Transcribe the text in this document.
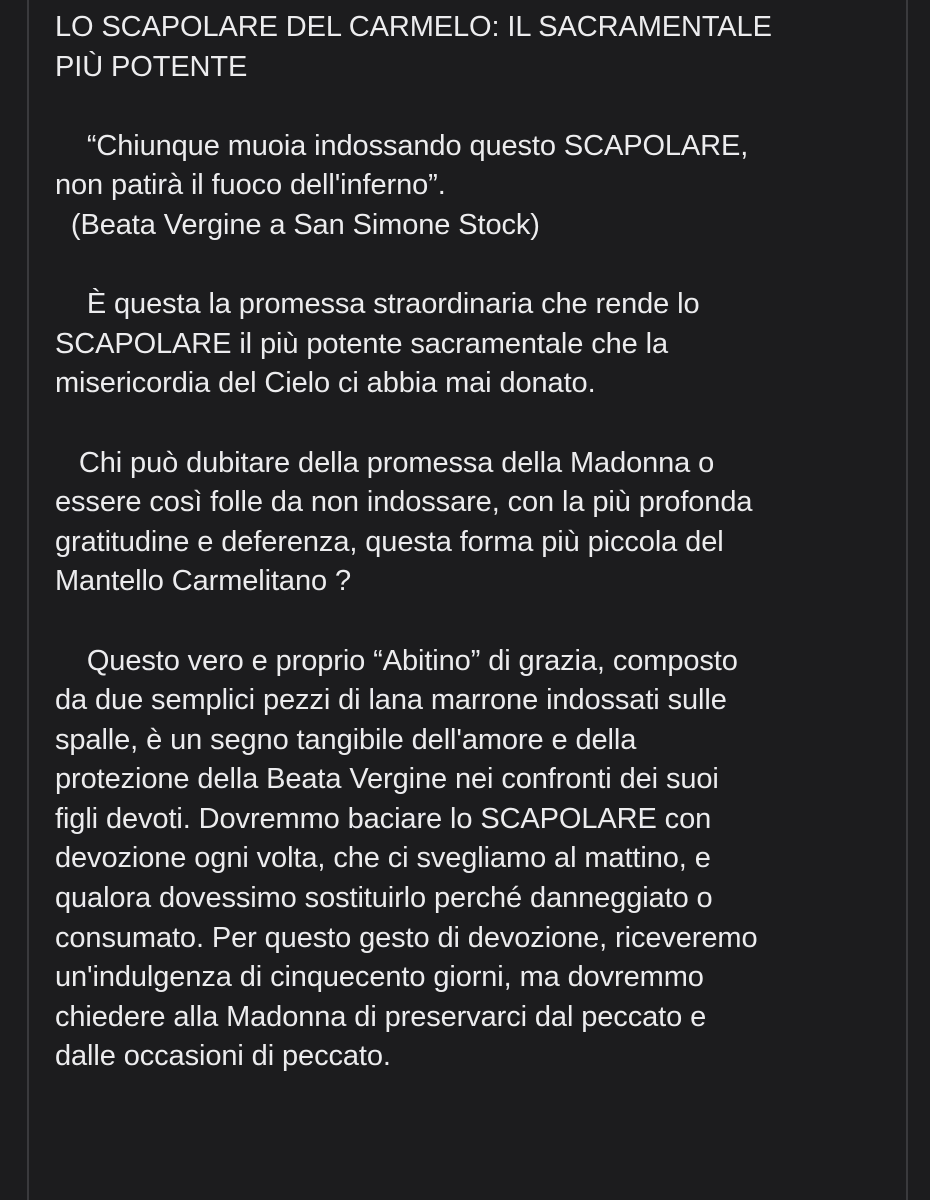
LO SCAPOLARE DEL CARMELO: IL SACRAMENTALE
PIÙ POTENTE
“Chiunque muoia indossando questo SCAPOLARE,
non patirà il fuoco dell'inferno”.
(Beata Vergine a San Simone Stock)
È questa la promessa straordinaria che rende lo
SCAPOLARE il più potente sacramentale che la
misericordia del Cielo ci abbia mai donato.
Chi può dubitare della promessa della Madonna o
essere così folle da non indossare, con la più profonda
gratitudine e deferenza, questa forma più piccola del
Mantello Carmelitano ?
Questo vero e proprio “Abitino” di grazia, composto
da due semplici pezzi di lana marrone indossati sulle
spalle, è un segno tangibile dell'amore e della
protezione della Beata Vergine nei confronti dei suoi
figli devoti. Dovremmo baciare lo SCAPOLARE con
devozione ogni volta, che ci svegliamo al mattino, e
qualora dovessimo sostituirlo perché danneggiato o
consumato. Per questo gesto di devozione, riceveremo
un'indulgenza di cinquecento giorni, ma dovremmo
chiedere alla Madonna di preservarci dal peccato e
dalle occasioni di peccato.
